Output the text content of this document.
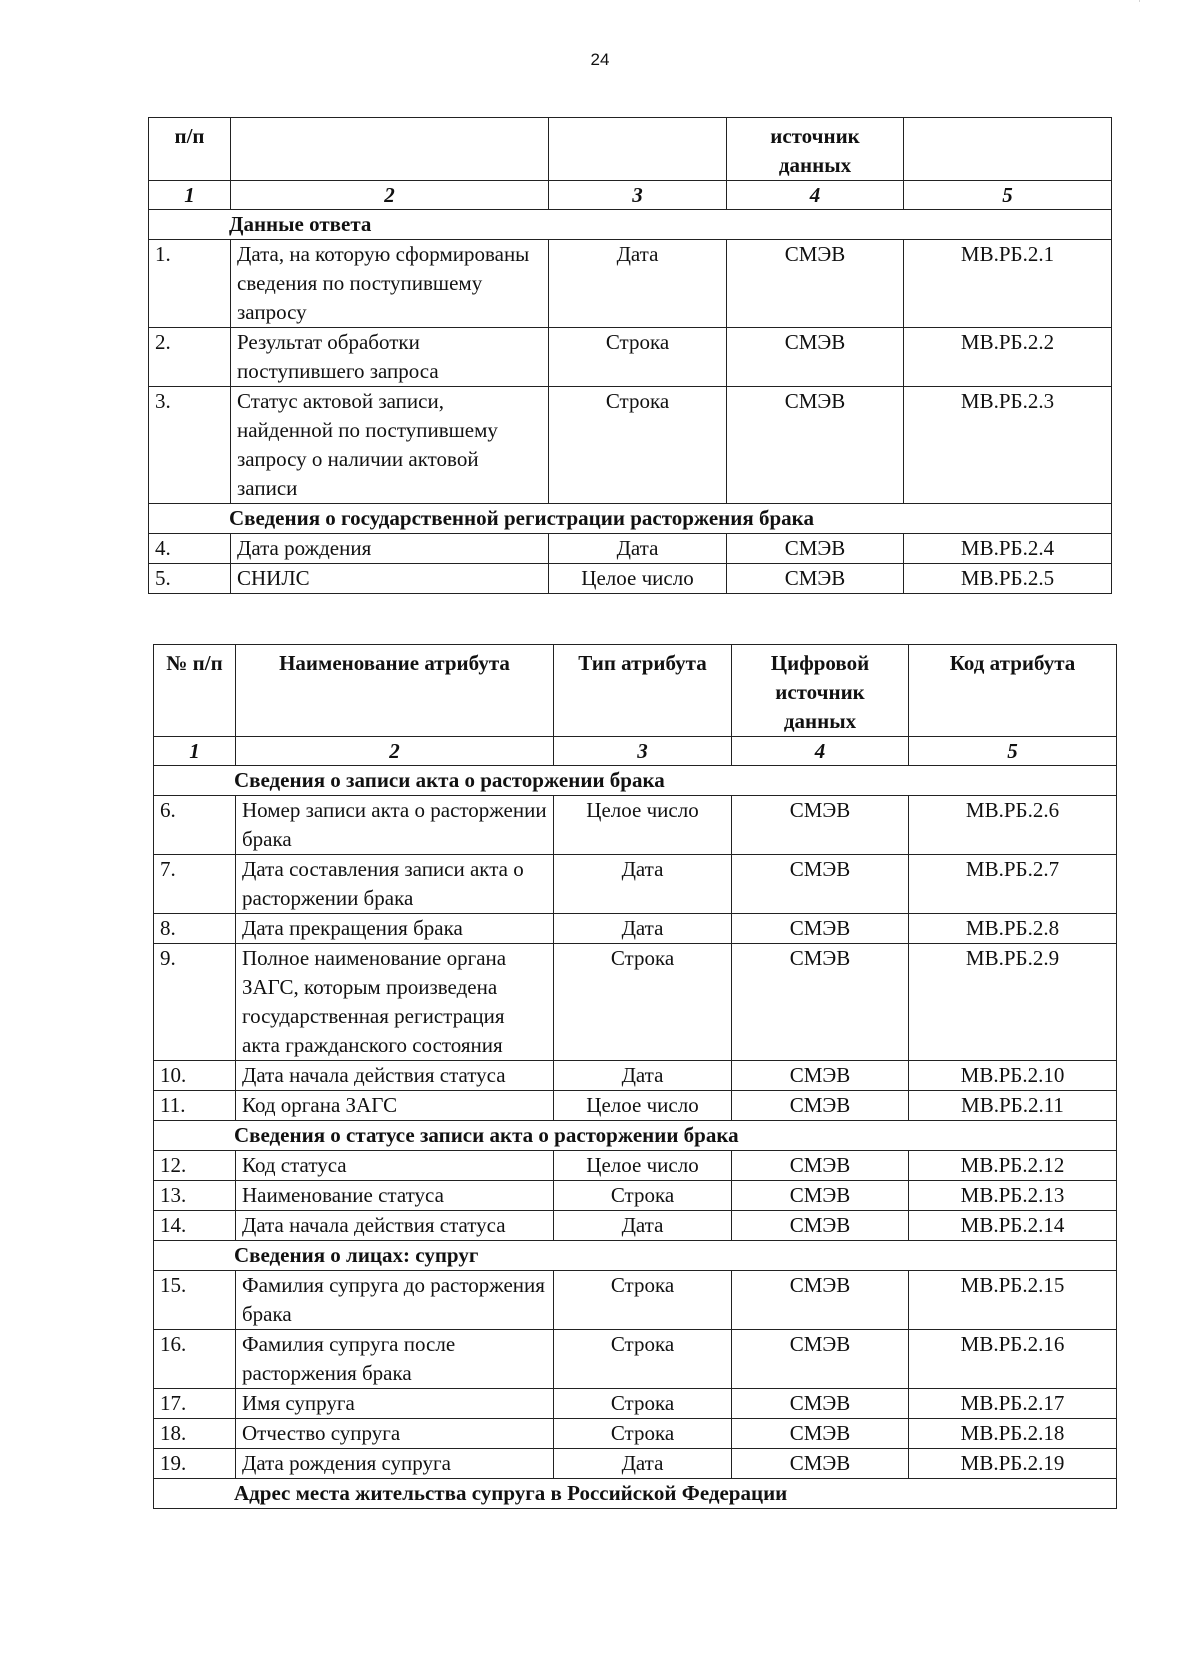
˙
24
п/п			источник данных	
1	2	3	4	5
Данные ответа				
1.	Дата, на которую сформированы сведения по поступившему запросу	Дата	СМЭВ	МВ.РБ.2.1
2.	Результат обработки поступившего запроса	Строка	СМЭВ	МВ.РБ.2.2
3.	Статус актовой записи, найденной по поступившему запросу о наличии актовой записи	Строка	СМЭВ	МВ.РБ.2.3
Сведения о государственной регистрации расторжения брака				
4.	Дата рождения	Дата	СМЭВ	МВ.РБ.2.4
5.	СНИЛС	Целое число	СМЭВ	МВ.РБ.2.5
№ п/п	Наименование атрибута	Тип атрибута	Цифровой источник данных	Код атрибута
1	2	3	4	5
Сведения о записи акта о расторжении брака				
6.	Номер записи акта о расторжении брака	Целое число	СМЭВ	МВ.РБ.2.6
7.	Дата составления записи акта о расторжении брака	Дата	СМЭВ	МВ.РБ.2.7
8.	Дата прекращения брака	Дата	СМЭВ	МВ.РБ.2.8
9.	Полное наименование органа ЗАГС, которым произведена государственная регистрация акта гражданского состояния	Строка	СМЭВ	МВ.РБ.2.9
10.	Дата начала действия статуса	Дата	СМЭВ	МВ.РБ.2.10
11.	Код органа ЗАГС	Целое число	СМЭВ	МВ.РБ.2.11
Сведения о статусе записи акта о расторжении брака				
12.	Код статуса	Целое число	СМЭВ	МВ.РБ.2.12
13.	Наименование статуса	Строка	СМЭВ	МВ.РБ.2.13
14.	Дата начала действия статуса	Дата	СМЭВ	МВ.РБ.2.14
Сведения о лицах: супруг				
15.	Фамилия супруга до расторжения брака	Строка	СМЭВ	МВ.РБ.2.15
16.	Фамилия супруга после расторжения брака	Строка	СМЭВ	МВ.РБ.2.16
17.	Имя супруга	Строка	СМЭВ	МВ.РБ.2.17
18.	Отчество супруга	Строка	СМЭВ	МВ.РБ.2.18
19.	Дата рождения супруга	Дата	СМЭВ	МВ.РБ.2.19
Адрес места жительства супруга в Российской Федерации				
